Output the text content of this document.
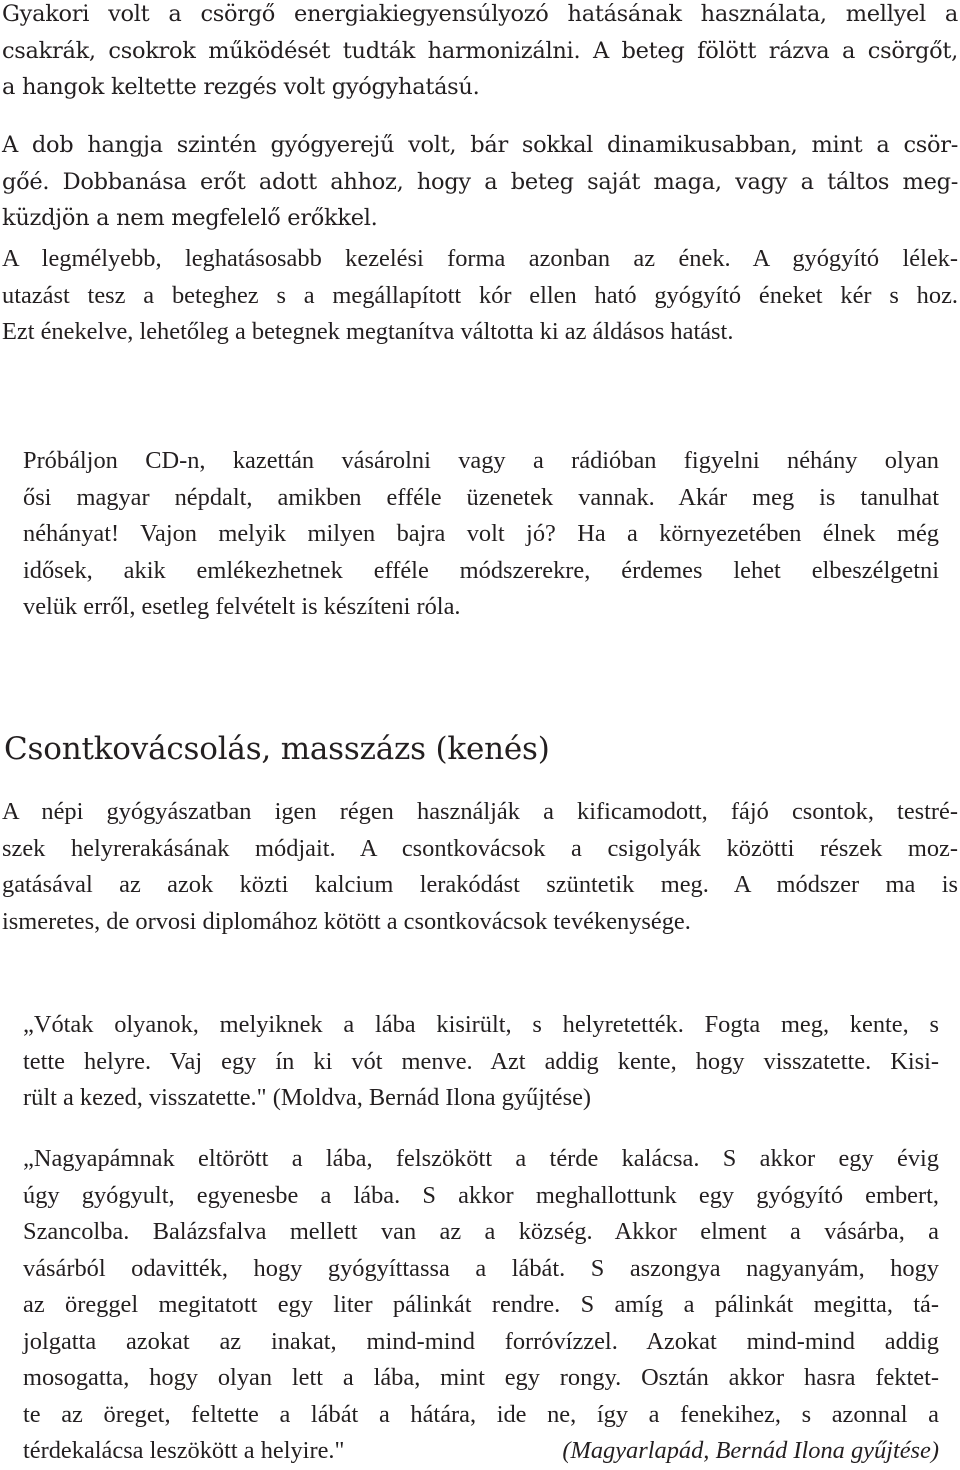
Gyakori volt a csörgő energiakiegyensúlyozó hatásának használata, mellyel a
csakrák, csokrok működését tudták harmonizálni. A beteg fölött rázva a csörgőt,
a hangok keltette rezgés volt gyógyhatású.
A dob hangja szintén gyógyerejű volt, bár sokkal dinamikusabban, mint a csör-
gőé. Dobbanása erőt adott ahhoz, hogy a beteg saját maga, vagy a táltos meg-
küzdjön a nem megfelelő erőkkel.
A legmélyebb, leghatásosabb kezelési forma azonban az ének. A gyógyító lélek-
utazást tesz a beteghez s a megállapított kór ellen ható gyógyító éneket kér s hoz.
Ezt énekelve, lehetőleg a betegnek megtanítva váltotta ki az áldásos hatást.
Próbáljon CD-n, kazettán vásárolni vagy a rádióban figyelni néhány olyan
ősi magyar népdalt, amikben efféle üzenetek vannak. Akár meg is tanulhat
néhányat! Vajon melyik milyen bajra volt jó? Ha a környezetében élnek még
idősek, akik emlékezhetnek efféle módszerekre, érdemes lehet elbeszélgetni
velük erről, esetleg felvételt is készíteni róla.
Csontkovácsolás, masszázs (kenés)
A népi gyógyászatban igen régen használják a kificamodott, fájó csontok, testré-
szek helyrerakásának módjait. A csontkovácsok a csigolyák közötti részek moz-
gatásával az azok közti kalcium lerakódást szüntetik meg. A módszer ma is
ismeretes, de orvosi diplomához kötött a csontkovácsok tevékenysége.
„Vótak olyanok, melyiknek a lába kisirült, s helyretették. Fogta meg, kente, s
tette helyre. Vaj egy ín ki vót menve. Azt addig kente, hogy visszatette. Kisi-
rült a kezed, visszatette." (Moldva, Bernád Ilona gyűjtése)
„Nagyapámnak eltörött a lába, felszökött a térde kalácsa. S akkor egy évig
úgy gyógyult, egyenesbe a lába. S akkor meghallottunk egy gyógyító embert,
Szancolba. Balázsfalva mellett van az a község. Akkor elment a vásárba, a
vásárból odavitték, hogy gyógyíttassa a lábát. S aszongya nagyanyám, hogy
az öreggel megitatott egy liter pálinkát rendre. S amíg a pálinkát megitta, tá-
jolgatta azokat az inakat, mind-mind forróvízzel. Azokat mind-mind addig
mosogatta, hogy olyan lett a lába, mint egy rongy. Osztán akkor hasra fektet-
te az öreget, feltette a lábát a hátára, ide ne, így a fenekihez, s azonnal a
térdekalácsa leszökött a helyire."	(Magyarlapád, Bernád Ilona gyűjtése)
